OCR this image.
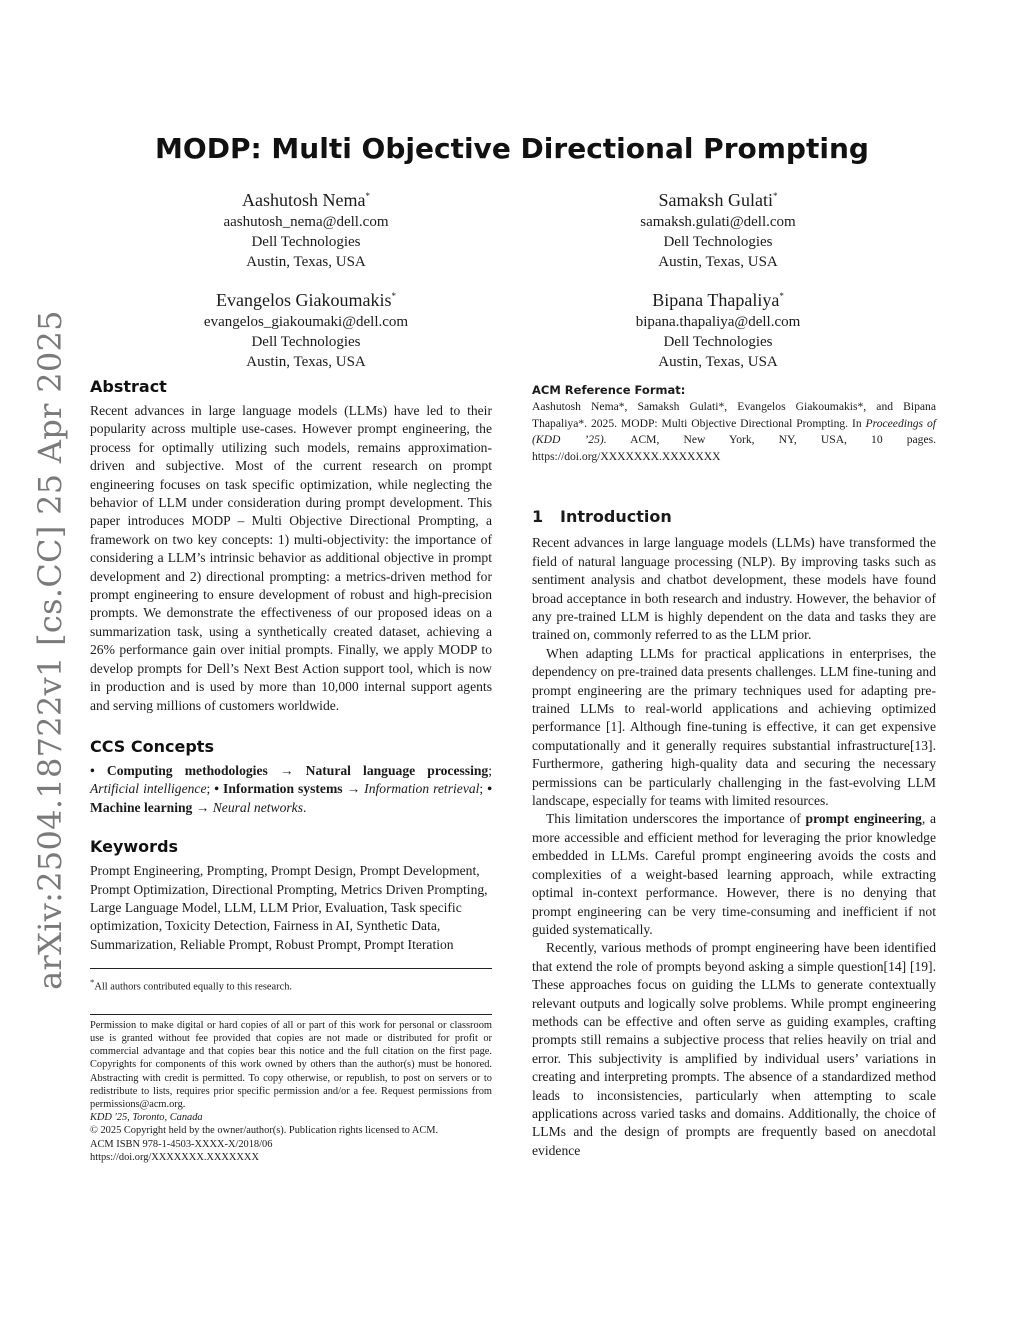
arXiv:2504.18722v1 [cs.CC] 25 Apr 2025
MODP: Multi Objective Directional Prompting
Aashutosh Nema*
aashutosh_nema@dell.com
Dell Technologies
Austin, Texas, USA
Samaksh Gulati*
samaksh.gulati@dell.com
Dell Technologies
Austin, Texas, USA
Evangelos Giakoumakis*
evangelos_giakoumaki@dell.com
Dell Technologies
Austin, Texas, USA
Bipana Thapaliya*
bipana.thapaliya@dell.com
Dell Technologies
Austin, Texas, USA
Abstract

Recent advances in large language models (LLMs) have led to their popularity across multiple use-cases. However prompt engineering, the process for optimally utilizing such models, remains approximation-driven and subjective. Most of the current research on prompt engineering focuses on task specific optimization, while neglecting the behavior of LLM under consideration during prompt development. This paper introduces MODP – Multi Objective Directional Prompting, a framework on two key concepts: 1) multi-objectivity: the importance of considering a LLM’s intrinsic behavior as additional objective in prompt development and 2) directional prompting: a metrics-driven method for prompt engineering to ensure development of robust and high-precision prompts. We demonstrate the effectiveness of our proposed ideas on a summarization task, using a synthetically created dataset, achieving a 26% performance gain over initial prompts. Finally, we apply MODP to develop prompts for Dell’s Next Best Action support tool, which is now in production and is used by more than 10,000 internal support agents and serving millions of customers worldwide.

CCS Concepts

• Computing methodologies → Natural language processing; Artificial intelligence; • Information systems → Information retrieval; • Machine learning → Neural networks.

Keywords

Prompt Engineering, Prompting, Prompt Design, Prompt Development, Prompt Optimization, Directional Prompting, Metrics Driven Prompting, Large Language Model, LLM, LLM Prior, Evaluation, Task specific optimization, Toxicity Detection, Fairness in AI, Synthetic Data, Summarization, Reliable Prompt, Robust Prompt, Prompt Iteration

*All authors contributed equally to this research.

Permission to make digital or hard copies of all or part of this work for personal or classroom use is granted without fee provided that copies are not made or distributed for profit or commercial advantage and that copies bear this notice and the full citation on the first page. Copyrights for components of this work owned by others than the author(s) must be honored. Abstracting with credit is permitted. To copy otherwise, or republish, to post on servers or to redistribute to lists, requires prior specific permission and/or a fee. Request permissions from permissions@acm.org.

KDD '25, Toronto, Canada

© 2025 Copyright held by the owner/author(s). Publication rights licensed to ACM.

ACM ISBN 978-1-4503-XXXX-X/2018/06

https://doi.org/XXXXXXX.XXXXXXX

ACM Reference Format:

Aashutosh Nema*, Samaksh Gulati*, Evangelos Giakoumakis*, and Bipana Thapaliya*. 2025. MODP: Multi Objective Directional Prompting. In Proceedings of (KDD ’25). ACM, New York, NY, USA, 10 pages. https://doi.org/XXXXXXX.XXXXXXX

1 Introduction

Recent advances in large language models (LLMs) have transformed the field of natural language processing (NLP). By improving tasks such as sentiment analysis and chatbot development, these models have found broad acceptance in both research and industry. However, the behavior of any pre-trained LLM is highly dependent on the data and tasks they are trained on, commonly referred to as the LLM prior.

When adapting LLMs for practical applications in enterprises, the dependency on pre-trained data presents challenges. LLM fine-tuning and prompt engineering are the primary techniques used for adapting pre-trained LLMs to real-world applications and achieving optimized performance [1]. Although fine-tuning is effective, it can get expensive computationally and it generally requires substantial infrastructure[13]. Furthermore, gathering high-quality data and securing the necessary permissions can be particularly challenging in the fast-evolving LLM landscape, especially for teams with limited resources.

This limitation underscores the importance of prompt engineering, a more accessible and efficient method for leveraging the prior knowledge embedded in LLMs. Careful prompt engineering avoids the costs and complexities of a weight-based learning approach, while extracting optimal in-context performance. However, there is no denying that prompt engineering can be very time-consuming and inefficient if not guided systematically.

Recently, various methods of prompt engineering have been identified that extend the role of prompts beyond asking a simple question[14] [19]. These approaches focus on guiding the LLMs to generate contextually relevant outputs and logically solve problems. While prompt engineering methods can be effective and often serve as guiding examples, crafting prompts still remains a subjective process that relies heavily on trial and error. This subjectivity is amplified by individual users’ variations in creating and interpreting prompts. The absence of a standardized method leads to inconsistencies, particularly when attempting to scale applications across varied tasks and domains. Additionally, the choice of LLMs and the design of prompts are frequently based on anecdotal evidence
